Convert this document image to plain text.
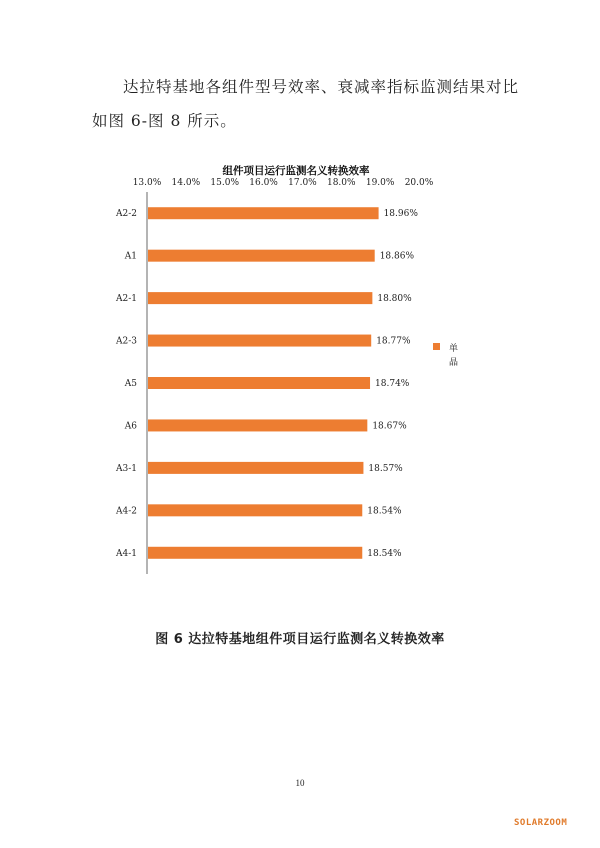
达拉特基地各组件型号效率、衰减率指标监测结果对比
如图 6-图 8 所示。
组件项目运行监测名义转换效率
13.0% 14.0% 15.0% 16.0% 17.0% 18.0% 19.0% 20.0%
A2-2	18.96%
A1	18.86%
A2-1	18.80%
A2-3	18.77%
A5	18.74%
A6	18.67%
A3-1	18.57%
A4-2	18.54%
A4-1	18.54%
单晶
图 6 达拉特基地组件项目运行监测名义转换效率
10
SOLARZOOM
